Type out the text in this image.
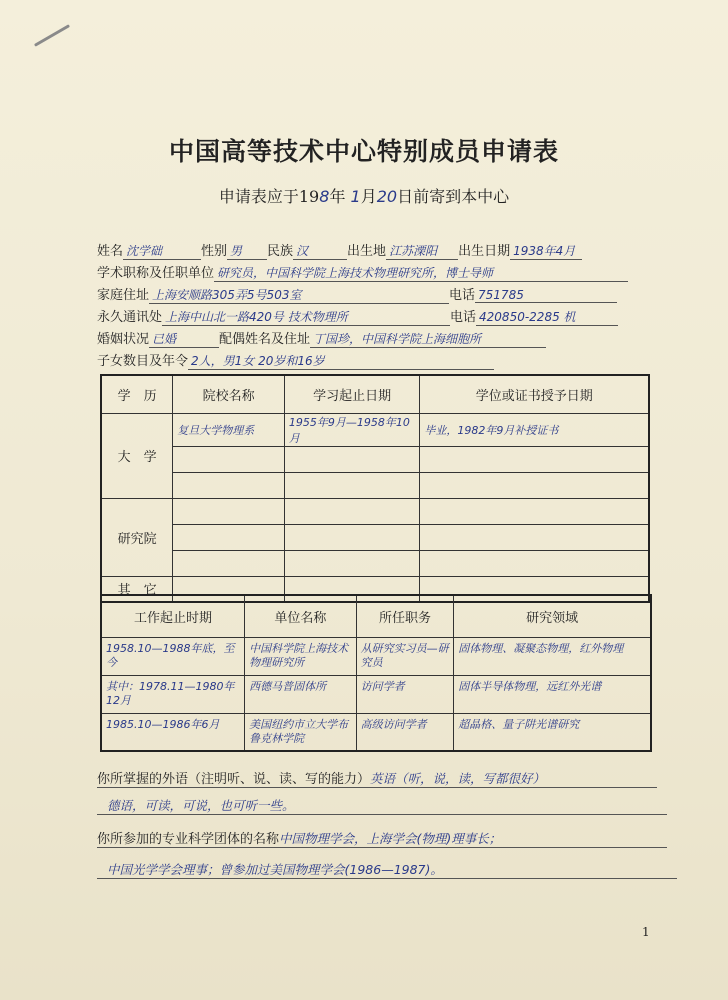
中国高等技术中心特别成员申请表
申请表应于198年 1月20日前寄到本中心
姓名 沈学础	性别 男 民族 汉	出生地 江苏溧阳 出生日期 1938年4月
学术职称及任职单位 研究员，中国科学院上海技术物理研究所，博士导师
家庭住址 上海安顺路305弄5号503室	电话 751785
永久通讯处 上海中山北一路420号 技术物理所	电话 420850-2285 机
婚姻状况 已婚	配偶姓名及住址 丁国珍，中国科学院上海细胞所
子女数目及年令 2人，男1女 20岁和16岁
学　历	院校名称	学习起止日期	学位或证书授予日期
大　学	复旦大学物理系	1955年9月—1958年10月	毕业，1982年9月补授证书

研究院			

其　它			
工作起止时期	单位名称	所任职务	研究领域
1958.10—1988年底，至今	中国科学院上海技术物理研究所	从研究实习员—研究员	固体物理、凝聚态物理，红外物理
其中：1978.11—1980年12月	西德马普固体所	访问学者	固体半导体物理，远红外光谱
1985.10—1986年6月	美国纽约市立大学布鲁克林学院	高级访问学者	超晶格、量子阱光谱研究
你所掌握的外语（注明听、说、读、写的能力）英语（听，说，读，写都很好）
德语，可读，可说，也可听一些。
你所参加的专业科学团体的名称中国物理学会，上海学会(物理)理事长；
中国光学学会理事；曾参加过美国物理学会(1986—1987)。
1
